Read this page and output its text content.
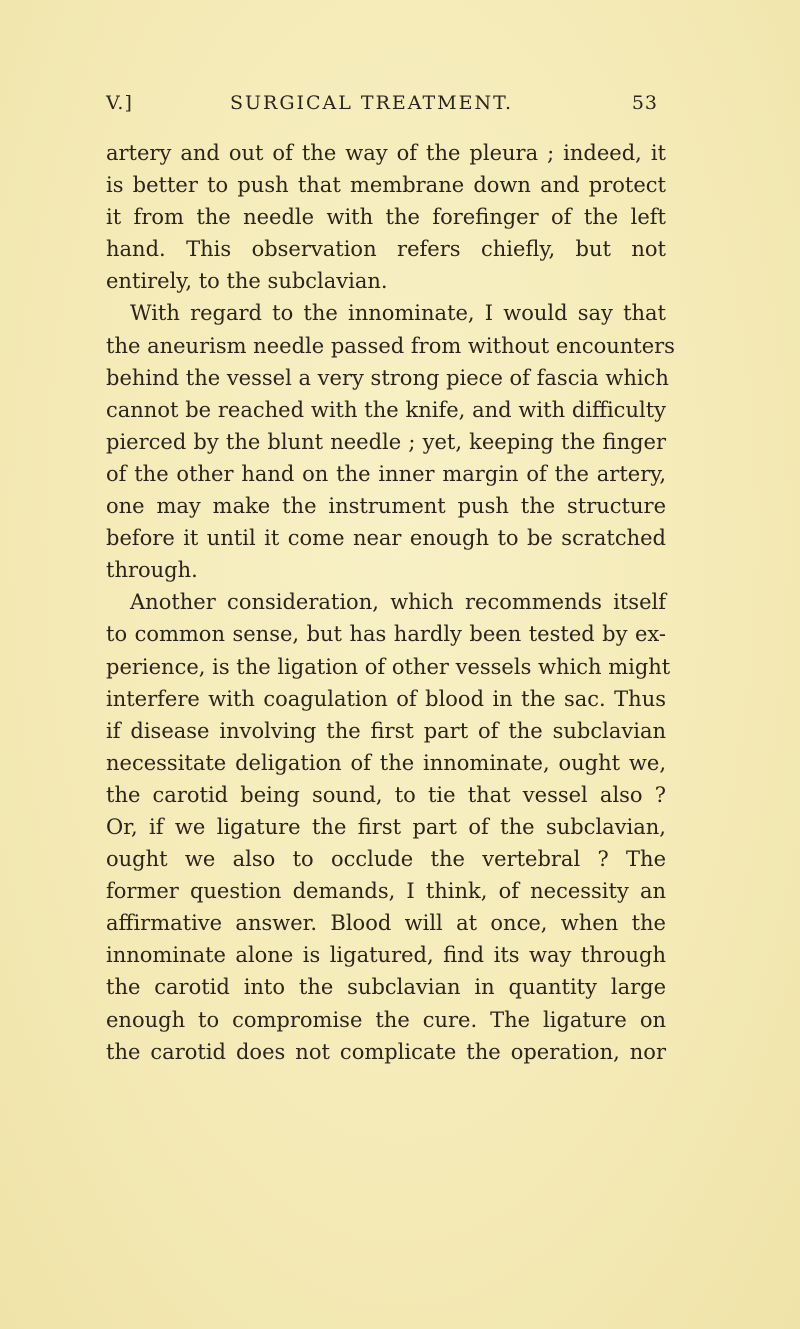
V.]	SURGICAL TREATMENT.	53
artery and out of the way of the pleura ; indeed, it
is better to push that membrane down and protect
it from the needle with the forefinger of the left
hand. This observation refers chiefly, but not
entirely, to the subclavian.
With regard to the innominate, I would say that
the aneurism needle passed from without encounters
behind the vessel a very strong piece of fascia which
cannot be reached with the knife, and with difficulty
pierced by the blunt needle ; yet, keeping the finger
of the other hand on the inner margin of the artery,
one may make the instrument push the structure
before it until it come near enough to be scratched
through.
Another consideration, which recommends itself
to common sense, but has hardly been tested by ex-
perience, is the ligation of other vessels which might
interfere with coagulation of blood in the sac. Thus
if disease involving the first part of the subclavian
necessitate deligation of the innominate, ought we,
the carotid being sound, to tie that vessel also ?
Or, if we ligature the first part of the subclavian,
ought we also to occlude the vertebral ? The
former question demands, I think, of necessity an
affirmative answer. Blood will at once, when the
innominate alone is ligatured, find its way through
the carotid into the subclavian in quantity large
enough to compromise the cure. The ligature on
the carotid does not complicate the operation, nor
